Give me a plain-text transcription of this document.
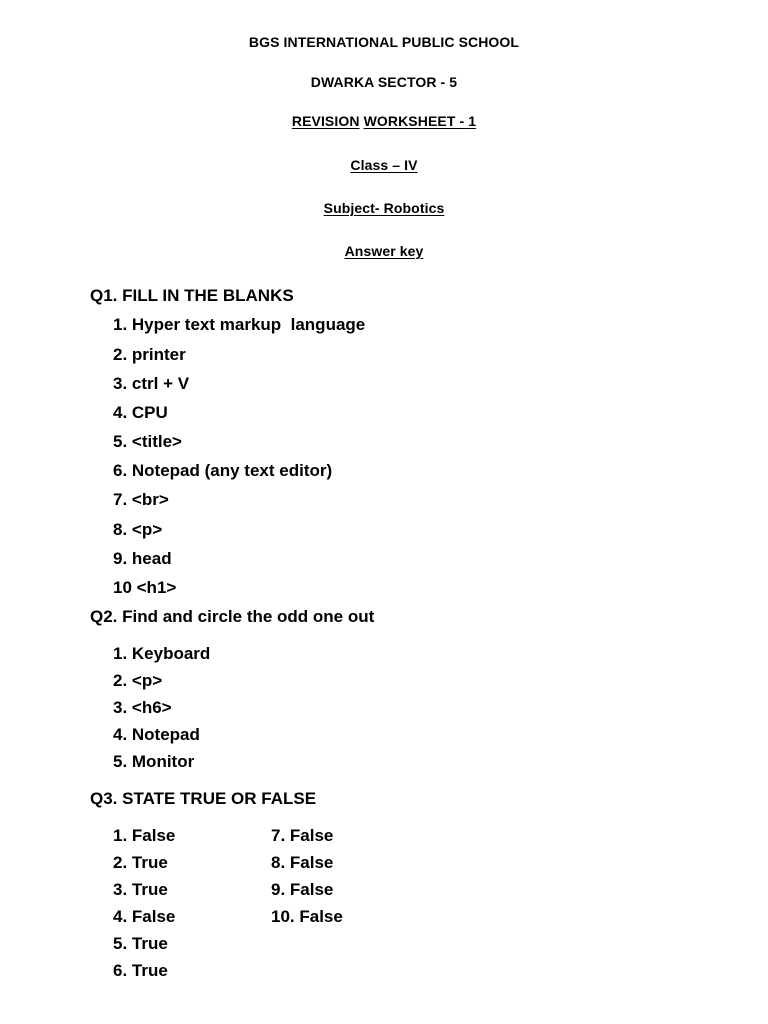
BGS INTERNATIONAL PUBLIC SCHOOL
DWARKA SECTOR - 5
REVISION WORKSHEET - 1
Class – IV
Subject- Robotics
Answer key
Q1. FILL IN THE BLANKS
1. Hyper text markup  language
2. printer
3. ctrl + V
4. CPU
5. <title>
6. Notepad (any text editor)
7. <br>
8. <p>
9. head
10 <h1>
Q2. Find and circle the odd one out
1. Keyboard
2. <p>
3. <h6>
4. Notepad
5. Monitor
Q3. STATE TRUE OR FALSE
1. False
2. True
3. True
4. False
5. True
6. True
7. False
8. False
9. False
10. False
